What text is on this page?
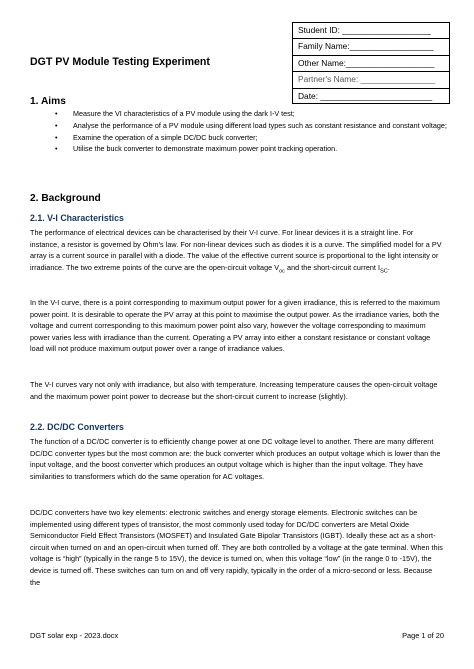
Student ID: ___________________
Family Name:__________________
Other Name:___________________
Partner's Name: ________________
Date: ________________________
DGT PV Module Testing Experiment
1. Aims
• Measure the VI characteristics of a PV module using the dark I-V test;
• Analyse the performance of a PV module using different load types such as constant resistance and constant voltage;
• Examine the operation of a simple DC/DC buck converter;
• Utilise the buck converter to demonstrate maximum power point tracking operation.
2. Background
2.1. V-I Characteristics

The performance of electrical devices can be characterised by their V-I curve. For linear devices it is a straight line. For instance, a resistor is governed by Ohm's law. For non-linear devices such as diodes it is a curve. The simplified model for a PV array is a current source in parallel with a diode. The value of the effective current source is proportional to the light intensity or irradiance. The two extreme points of the curve are the open-circuit voltage $V_{oc}$ and the short-circuit current $I_{SC}$.

In the V-I curve, there is a point corresponding to maximum output power for a given irradiance, this is referred to the maximum power point. It is desirable to operate the PV array at this point to maximise the output power. As the irradiance varies, both the voltage and current corresponding to this maximum power point also vary, however the voltage corresponding to maximum power varies less with irradiance than the current. Operating a PV array into either a constant resistance or constant voltage load will not produce maximum output power over a range of irradiance values.

The V-I curves vary not only with irradiance, but also with temperature. Increasing temperature causes the open-circuit voltage and the maximum power point power to decrease but the short-circuit current to increase (slightly).

2.2. DC/DC Converters

The function of a DC/DC converter is to efficiently change power at one DC voltage level to another. There are many different DC/DC converter types but the most common are: the buck converter which produces an output voltage which is lower than the input voltage, and the boost converter which produces an output voltage which is higher than the input voltage. They have similarities to transformers which do the same operation for AC voltages.

DC/DC converters have two key elements: electronic switches and energy storage elements. Electronic switches can be implemented using different types of transistor, the most commonly used today for DC/DC converters are Metal Oxide Semiconductor Field Effect Transistors (MOSFET) and Insulated Gate Bipolar Transistors (IGBT). Ideally these act as a short-circuit when turned on and an open-circuit when turned off. They are both controlled by a voltage at the gate terminal. When this voltage is “high” (typically in the range 5 to 15V), the device is turned on, when this voltage “low” (in the range 0 to -15V), the device is turned off. These switches can turn on and off very rapidly, typically in the order of a micro-second or less. Because the

DGT solar exp - 2023.docx	Page 1 of 20
